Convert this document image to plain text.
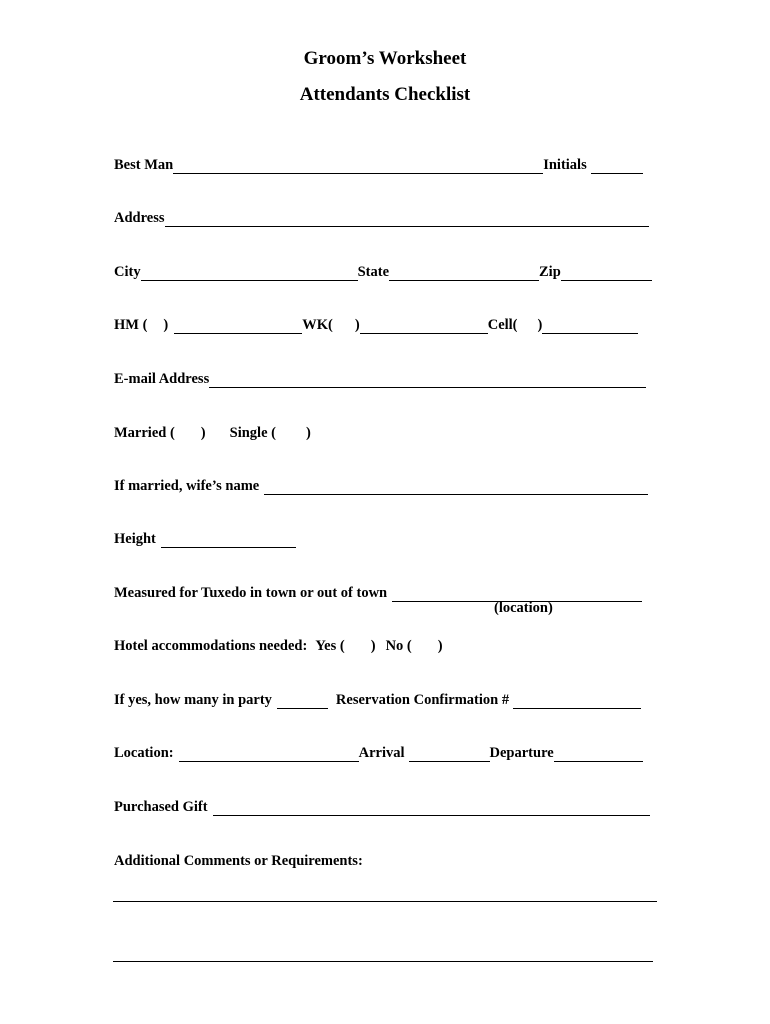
Groom’s Worksheet
Attendants Checklist
Best Man	Initials
Address
City	State	Zip
HM ( )	WK( )	Cell( )
E-mail Address
Married ( ) Single ( )
If married, wife’s name
Height
Measured for Tuxedo in town or out of town
(location)
Hotel accommodations needed: Yes ( ) No ( )
If yes, how many in party	Reservation Confirmation #
Location:	Arrival	Departure
Purchased Gift
Additional Comments or Requirements:
